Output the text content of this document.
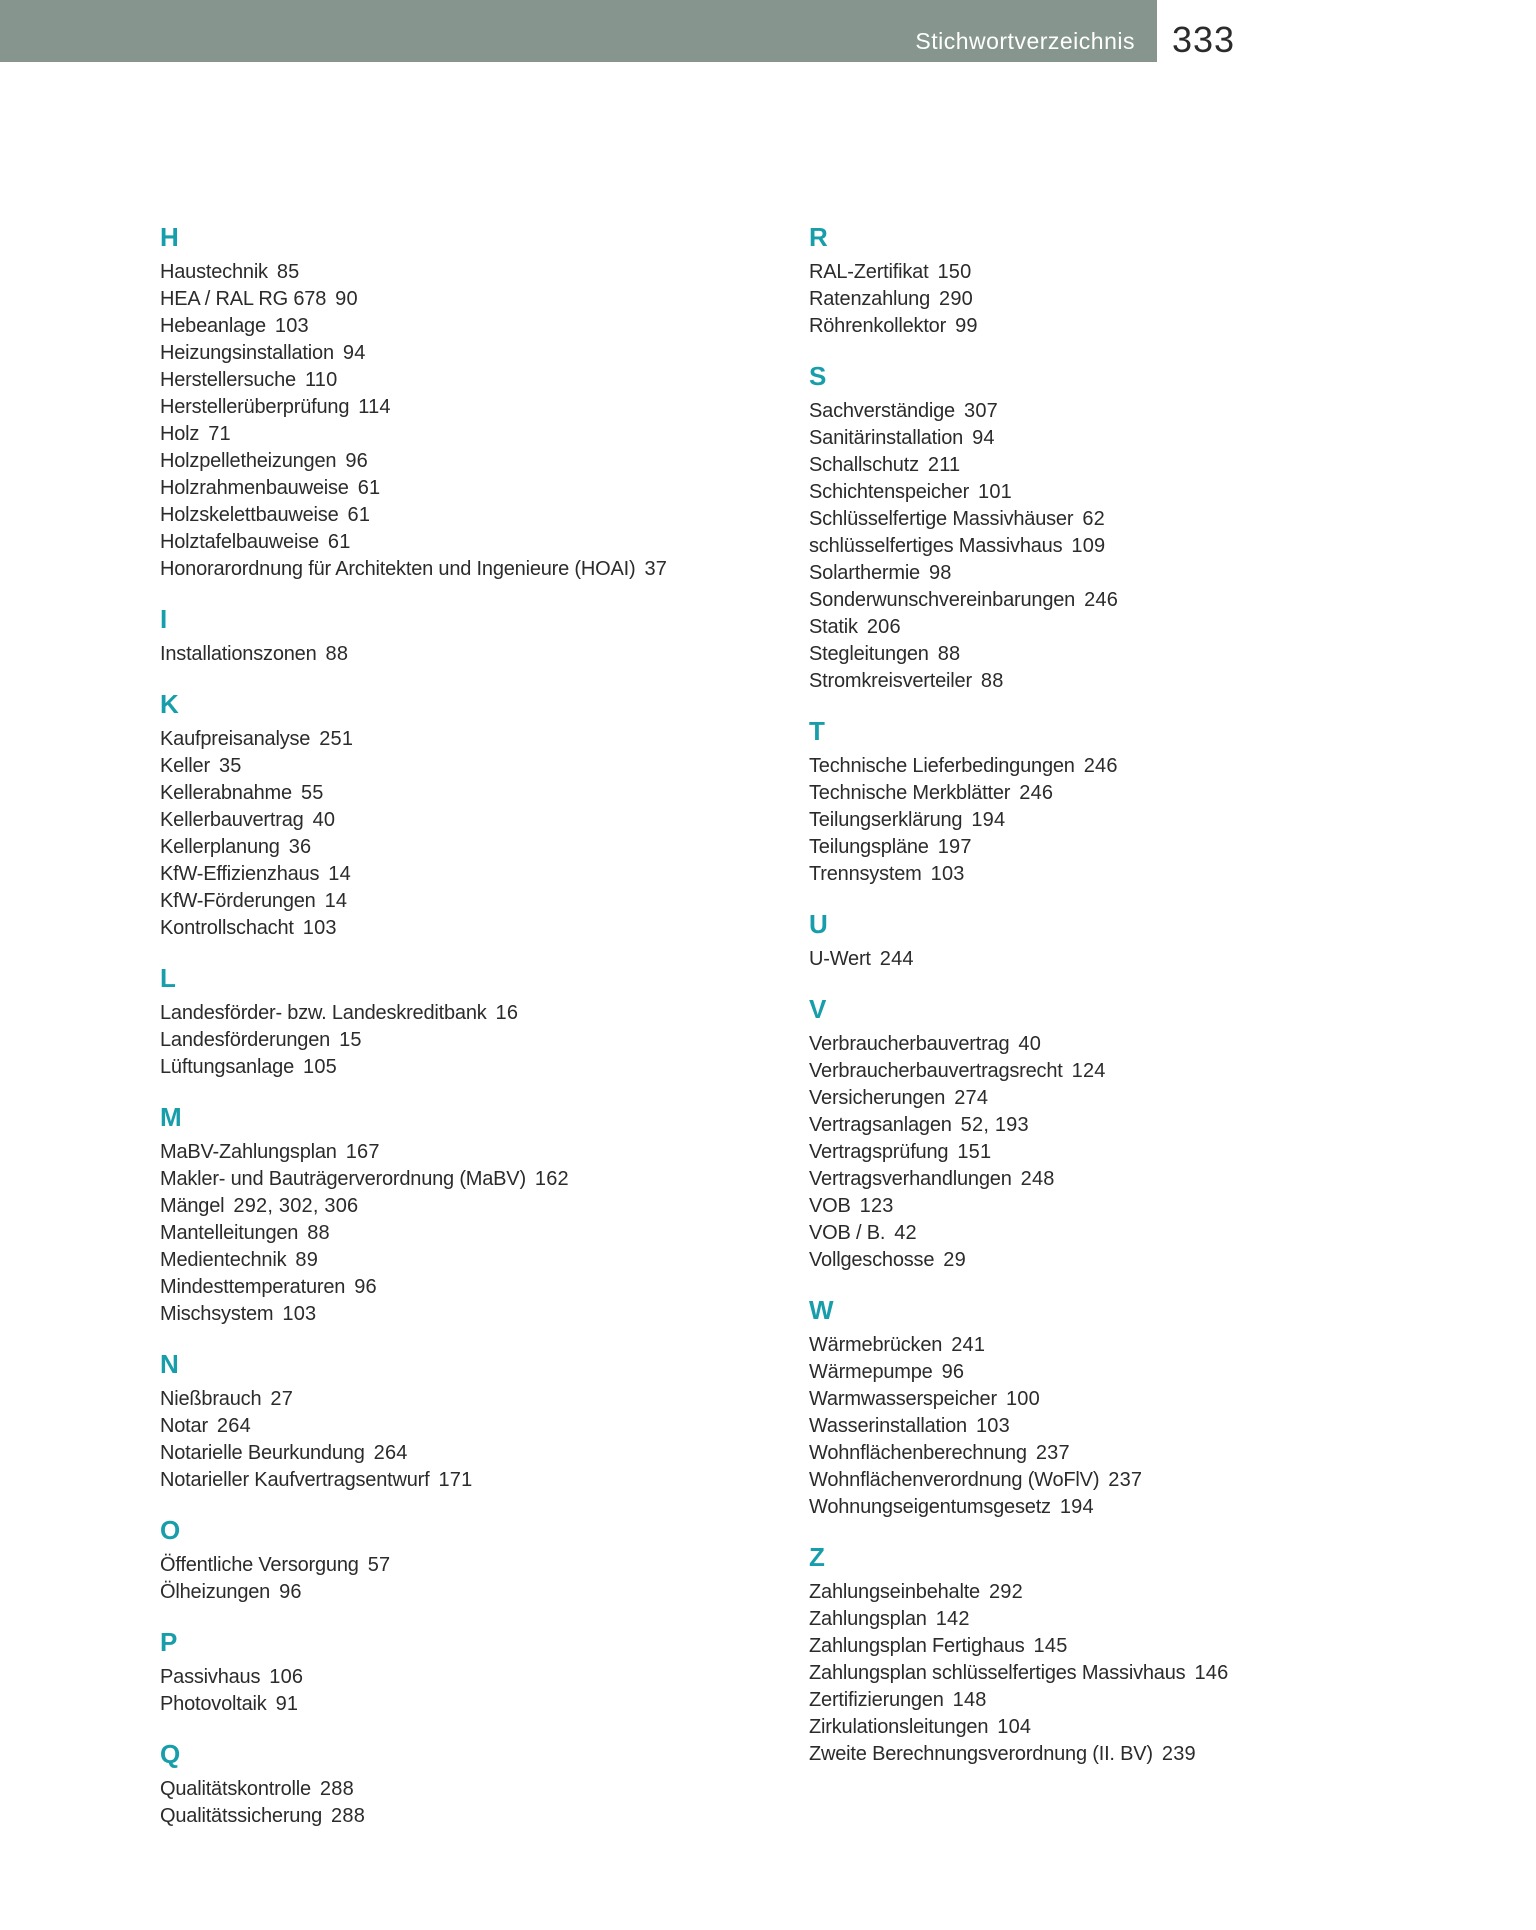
Stichwortverzeichnis 333
H
Haustechnik 85
HEA / RAL RG 678 90
Hebeanlage 103
Heizungsinstallation 94
Herstellersuche 110
Herstellerüberprüfung 114
Holz 71
Holzpelletheizungen 96
Holzrahmenbauweise 61
Holzskelettbauweise 61
Holztafelbauweise 61
Honorarordnung für Architekten und Ingenieure (HOAI) 37
I
Installationszonen 88
K
Kaufpreisanalyse 251
Keller 35
Kellerabnahme 55
Kellerbauvertrag 40
Kellerplanung 36
KfW-Effizienzhaus 14
KfW-Förderungen 14
Kontrollschacht 103
L
Landesförder- bzw. Landeskreditbank 16
Landesförderungen 15
Lüftungsanlage 105
M
MaBV-Zahlungsplan 167
Makler- und Bauträgerverordnung (MaBV) 162
Mängel 292, 302, 306
Mantelleitungen 88
Medientechnik 89
Mindesttemperaturen 96
Mischsystem 103
N
Nießbrauch 27
Notar 264
Notarielle Beurkundung 264
Notarieller Kaufvertragsentwurf 171
O
Öffentliche Versorgung 57
Ölheizungen 96
P
Passivhaus 106
Photovoltaik 91
Q
Qualitätskontrolle 288
Qualitätssicherung 288
R
RAL-Zertifikat 150
Ratenzahlung 290
Röhrenkollektor 99
S
Sachverständige 307
Sanitärinstallation 94
Schallschutz 211
Schichtenspeicher 101
Schlüsselfertige Massivhäuser 62
schlüsselfertiges Massivhaus 109
Solarthermie 98
Sonderwunschvereinbarungen 246
Statik 206
Stegleitungen 88
Stromkreisverteiler 88
T
Technische Lieferbedingungen 246
Technische Merkblätter 246
Teilungserklärung 194
Teilungspläne 197
Trennsystem 103
U
U-Wert 244
V
Verbraucherbauvertrag 40
Verbraucherbauvertragsrecht 124
Versicherungen 274
Vertragsanlagen 52, 193
Vertragsprüfung 151
Vertragsverhandlungen 248
VOB 123
VOB / B. 42
Vollgeschosse 29
W
Wärmebrücken 241
Wärmepumpe 96
Warmwasserspeicher 100
Wasserinstallation 103
Wohnflächenberechnung 237
Wohnflächenverordnung (WoFlV) 237
Wohnungseigentumsgesetz 194
Z
Zahlungseinbehalte 292
Zahlungsplan 142
Zahlungsplan Fertighaus 145
Zahlungsplan schlüsselfertiges Massivhaus 146
Zertifizierungen 148
Zirkulationsleitungen 104
Zweite Berechnungsverordnung (II. BV) 239
